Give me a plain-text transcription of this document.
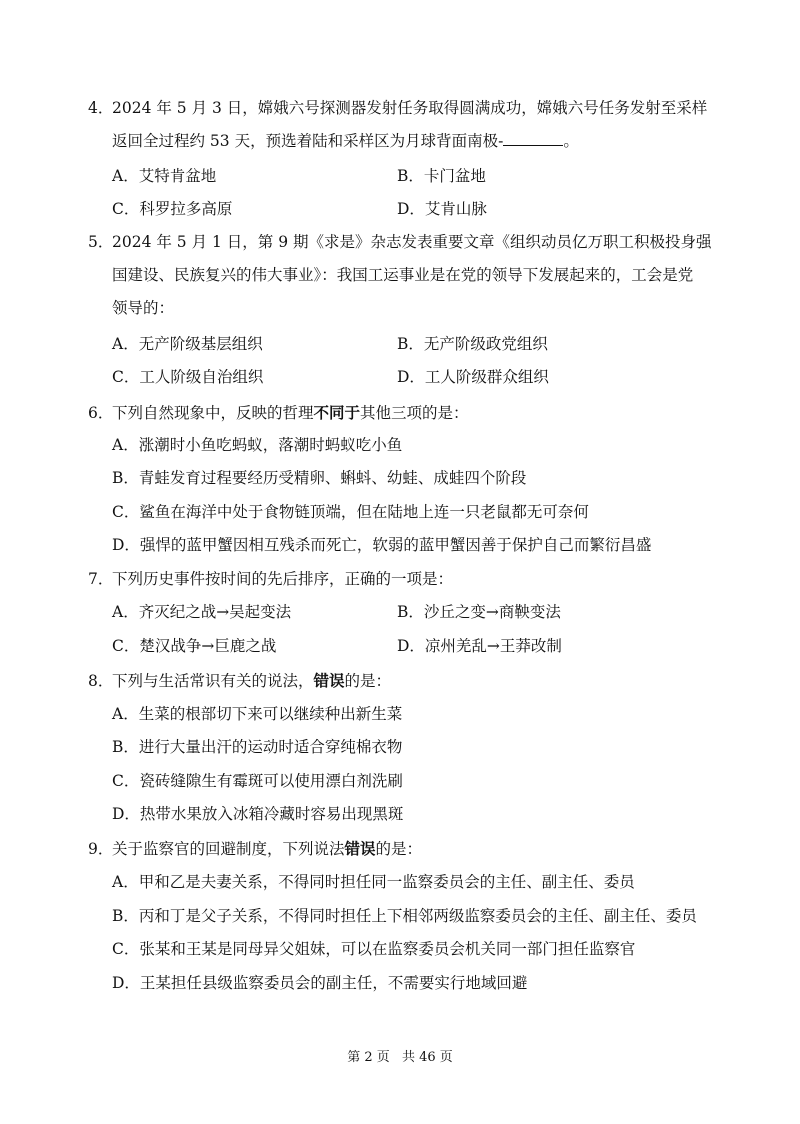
4．2024 年 5 月 3 日，嫦娥六号探测器发射任务取得圆满成功，嫦娥六号任务发射至采样
返回全过程约 53 天，预选着陆和采样区为月球背面南极-	。
A．艾特肯盆地	B．卡门盆地
C．科罗拉多高原	D．艾肯山脉
5．2024 年 5 月 1 日，第 9 期《求是》杂志发表重要文章《组织动员亿万职工积极投身强
国建设、民族复兴的伟大事业》：我国工运事业是在党的领导下发展起来的，工会是党
领导的：
A．无产阶级基层组织	B．无产阶级政党组织
C．工人阶级自治组织	D．工人阶级群众组织
6．下列自然现象中，反映的哲理不同于其他三项的是：
A．涨潮时小鱼吃蚂蚁，落潮时蚂蚁吃小鱼
B．青蛙发育过程要经历受精卵、蝌蚪、幼蛙、成蛙四个阶段
C．鲨鱼在海洋中处于食物链顶端，但在陆地上连一只老鼠都无可奈何
D．强悍的蓝甲蟹因相互残杀而死亡，软弱的蓝甲蟹因善于保护自己而繁衍昌盛
7．下列历史事件按时间的先后排序，正确的一项是：
A．齐灭纪之战→吴起变法	B．沙丘之变→商鞅变法
C．楚汉战争→巨鹿之战	D．凉州羌乱→王莽改制
8．下列与生活常识有关的说法，错误的是：
A．生菜的根部切下来可以继续种出新生菜
B．进行大量出汗的运动时适合穿纯棉衣物
C．瓷砖缝隙生有霉斑可以使用漂白剂洗刷
D．热带水果放入冰箱冷藏时容易出现黑斑
9．关于监察官的回避制度，下列说法错误的是：
A．甲和乙是夫妻关系，不得同时担任同一监察委员会的主任、副主任、委员
B．丙和丁是父子关系，不得同时担任上下相邻两级监察委员会的主任、副主任、委员
C．张某和王某是同母异父姐妹，可以在监察委员会机关同一部门担任监察官
D．王某担任县级监察委员会的副主任，不需要实行地域回避
第 2 页 共 46 页
